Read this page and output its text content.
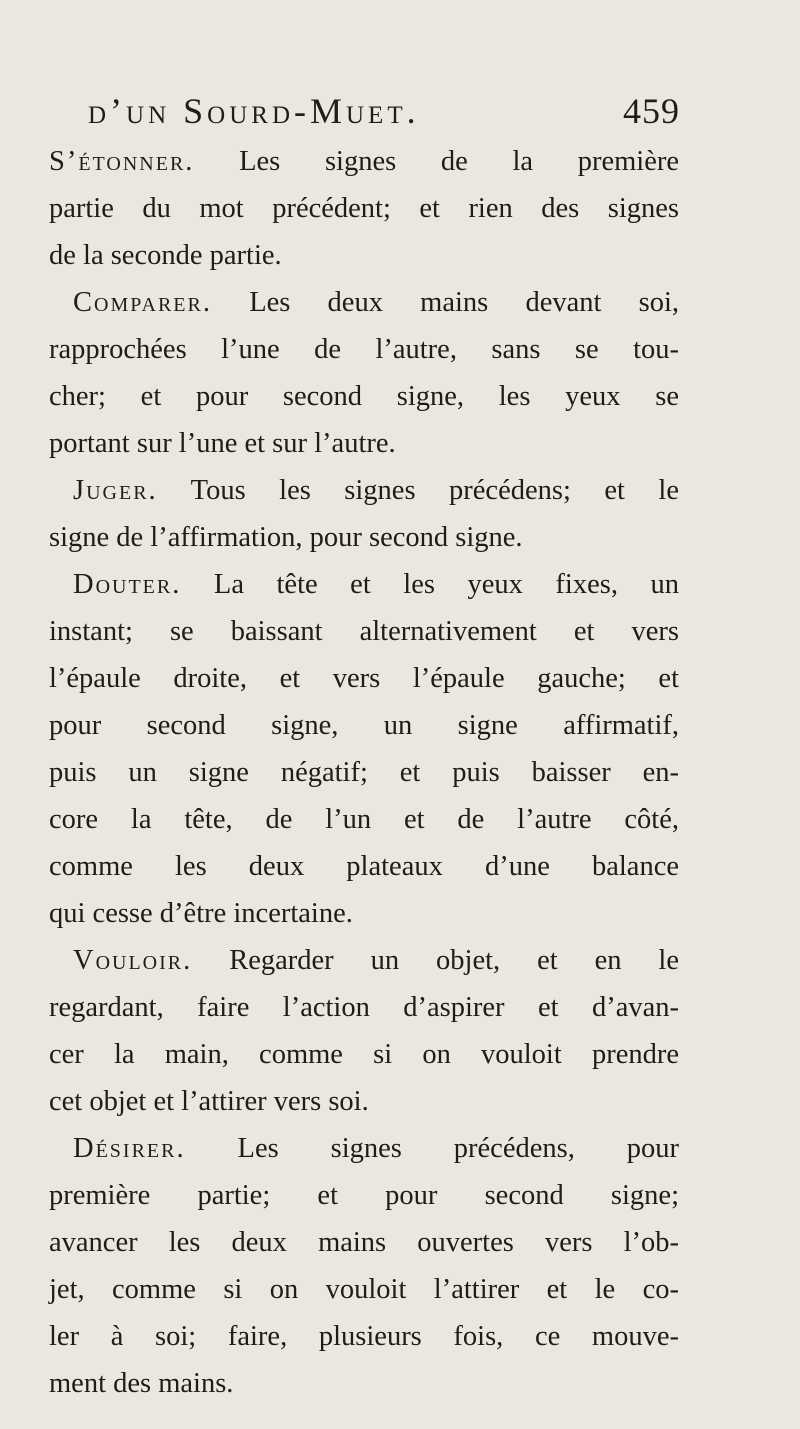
d’un Sourd-Muet.	459
S’étonner. Les signes de la première
partie du mot précédent; et rien des signes
de la seconde partie.
Comparer. Les deux mains devant soi,
rapprochées l’une de l’autre, sans se tou-
cher; et pour second signe, les yeux se
portant sur l’une et sur l’autre.
Juger. Tous les signes précédens; et le
signe de l’affirmation, pour second signe.
Douter. La tête et les yeux fixes, un
instant; se baissant alternativement et vers
l’épaule droite, et vers l’épaule gauche; et
pour second signe, un signe affirmatif,
puis un signe négatif; et puis baisser en-
core la tête, de l’un et de l’autre côté,
comme les deux plateaux d’une balance
qui cesse d’être incertaine.
Vouloir. Regarder un objet, et en le
regardant, faire l’action d’aspirer et d’avan-
cer la main, comme si on vouloit prendre
cet objet et l’attirer vers soi.
Désirer. Les signes précédens, pour
première partie; et pour second signe;
avancer les deux mains ouvertes vers l’ob-
jet, comme si on vouloit l’attirer et le co-
ler à soi; faire, plusieurs fois, ce mouve-
ment des mains.
